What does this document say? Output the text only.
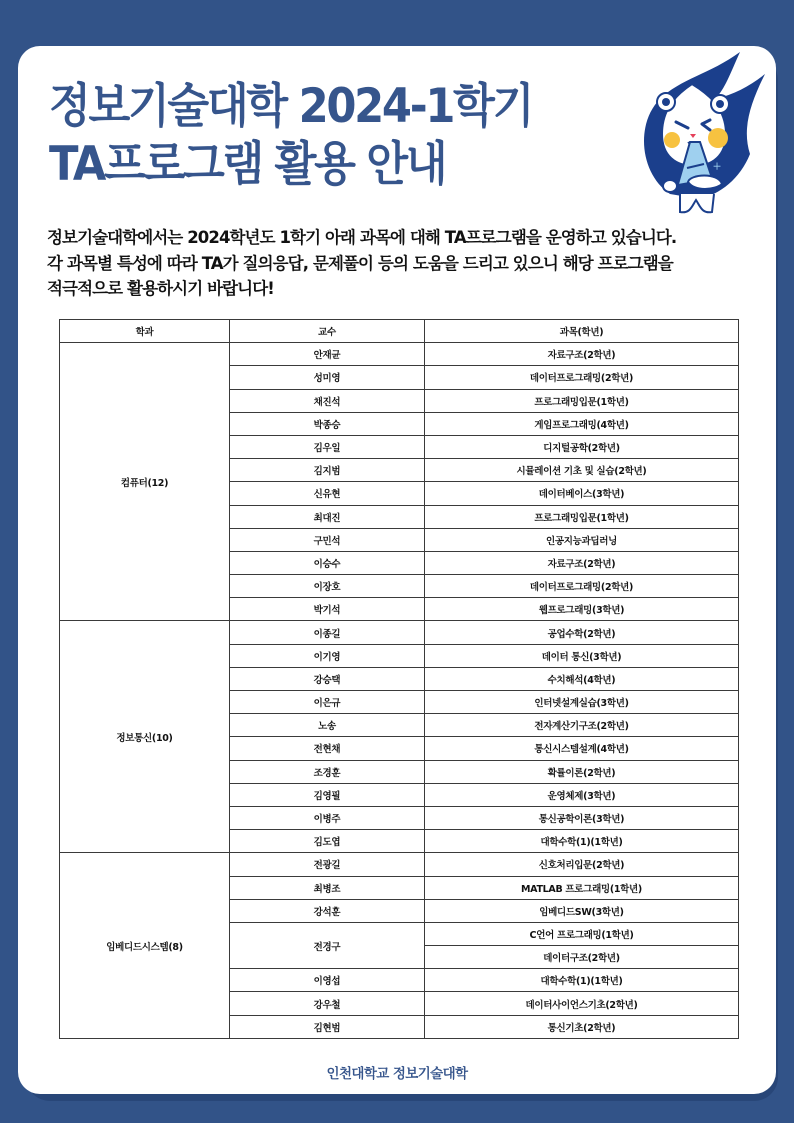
정보기술대학 2024-1학기
TA프로그램 활용 안내	+
정보기술대학에서는 2024학년도 1학기 아래 과목에 대해 TA프로그램을 운영하고 있습니다.
각 과목별 특성에 따라 TA가 질의응답, 문제풀이 등의 도움을 드리고 있으니 해당 프로그램을
적극적으로 활용하시기 바랍니다!
학과	교수	과목(학년)
컴퓨터(12)	안재균	자료구조(2학년)
	성미영	데이터프로그래밍(2학년)
	채진석	프로그래밍입문(1학년)
	박종승	게임프로그래밍(4학년)
	김우일	디지털공학(2학년)
	김지범	시뮬레이션 기초 및 실습(2학년)
	신유현	데이터베이스(3학년)
	최대진	프로그래밍입문(1학년)
	구민석	인공지능과딥러닝
	이승수	자료구조(2학년)
	이장호	데이터프로그래밍(2학년)
	박기석	웹프로그래밍(3학년)
정보통신(10)	이종길	공업수학(2학년)
	이기영	데이터 통신(3학년)
	강승택	수치해석(4학년)
	이은규	인터넷설계실습(3학년)
	노송	전자계산기구조(2학년)
	전현채	통신시스템설계(4학년)
	조경훈	확률이론(2학년)
	김영필	운영체제(3학년)
	이병주	통신공학이론(3학년)
	김도엽	대학수학(1)(1학년)
임베디드시스템(8)	전광길	신호처리입문(2학년)
	최병조	MATLAB 프로그래밍(1학년)
	강석훈	임베디드SW(3학년)
	전경구	C언어 프로그래밍(1학년)
		데이터구조(2학년)
	이영섭	대학수학(1)(1학년)
	강우철	데이터사이언스기초(2학년)
	김현범	통신기초(2학년)
인천대학교 정보기술대학
